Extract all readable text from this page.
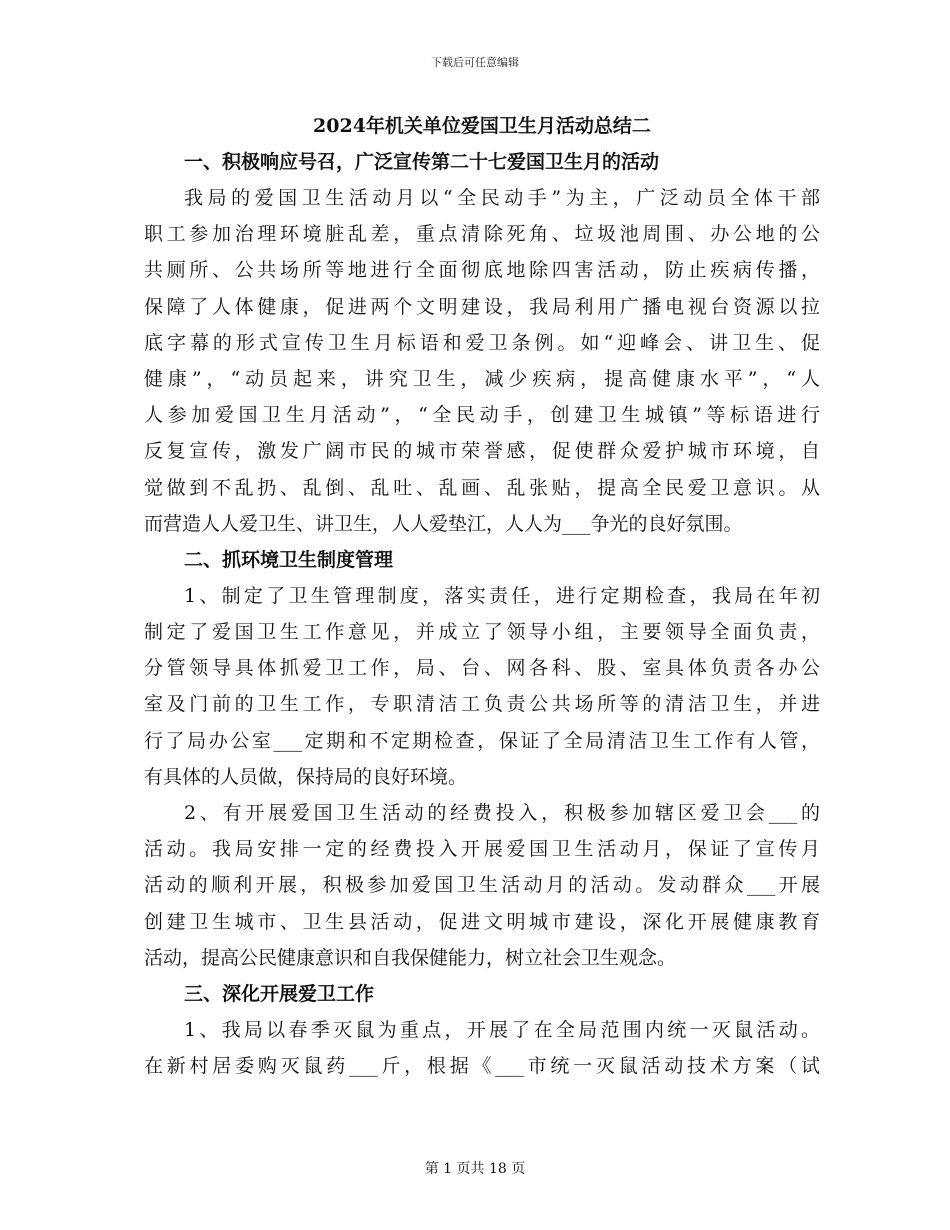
下载后可任意编辑
2024年机关单位爱国卫生月活动总结二
一、积极响应号召，广泛宣传第二十七爱国卫生月的活动
我局的爱国卫生活动月以“全民动手”为主，广泛动员全体干部
职工参加治理环境脏乱差，重点清除死角、垃圾池周围、办公地的公
共厕所、公共场所等地进行全面彻底地除四害活动，防止疾病传播，
保障了人体健康，促进两个文明建设，我局利用广播电视台资源以拉
底字幕的形式宣传卫生月标语和爱卫条例。如“迎峰会、讲卫生、促
健康”，“动员起来，讲究卫生，减少疾病，提高健康水平”，“人
人参加爱国卫生月活动”，“全民动手，创建卫生城镇”等标语进行
反复宣传，激发广阔市民的城市荣誉感，促使群众爱护城市环境，自
觉做到不乱扔、乱倒、乱吐、乱画、乱张贴，提高全民爱卫意识。从
而营造人人爱卫生、讲卫生，人人爱垫江，人人为___争光的良好氛围。
二、抓环境卫生制度管理
1、制定了卫生管理制度，落实责任，进行定期检查，我局在年初
制定了爱国卫生工作意见，并成立了领导小组，主要领导全面负责，
分管领导具体抓爱卫工作，局、台、网各科、股、室具体负责各办公
室及门前的卫生工作，专职清洁工负责公共场所等的清洁卫生，并进
行了局办公室___定期和不定期检查，保证了全局清洁卫生工作有人管，
有具体的人员做，保持局的良好环境。
2、有开展爱国卫生活动的经费投入，积极参加辖区爱卫会___的
活动。我局安排一定的经费投入开展爱国卫生活动月，保证了宣传月
活动的顺利开展，积极参加爱国卫生活动月的活动。发动群众___开展
创建卫生城市、卫生县活动，促进文明城市建设，深化开展健康教育
活动，提高公民健康意识和自我保健能力，树立社会卫生观念。
三、深化开展爱卫工作
1、我局以春季灭鼠为重点，开展了在全局范围内统一灭鼠活动。
在新村居委购灭鼠药___斤，根据《___市统一灭鼠活动技术方案（试
第 1 页共 18 页
